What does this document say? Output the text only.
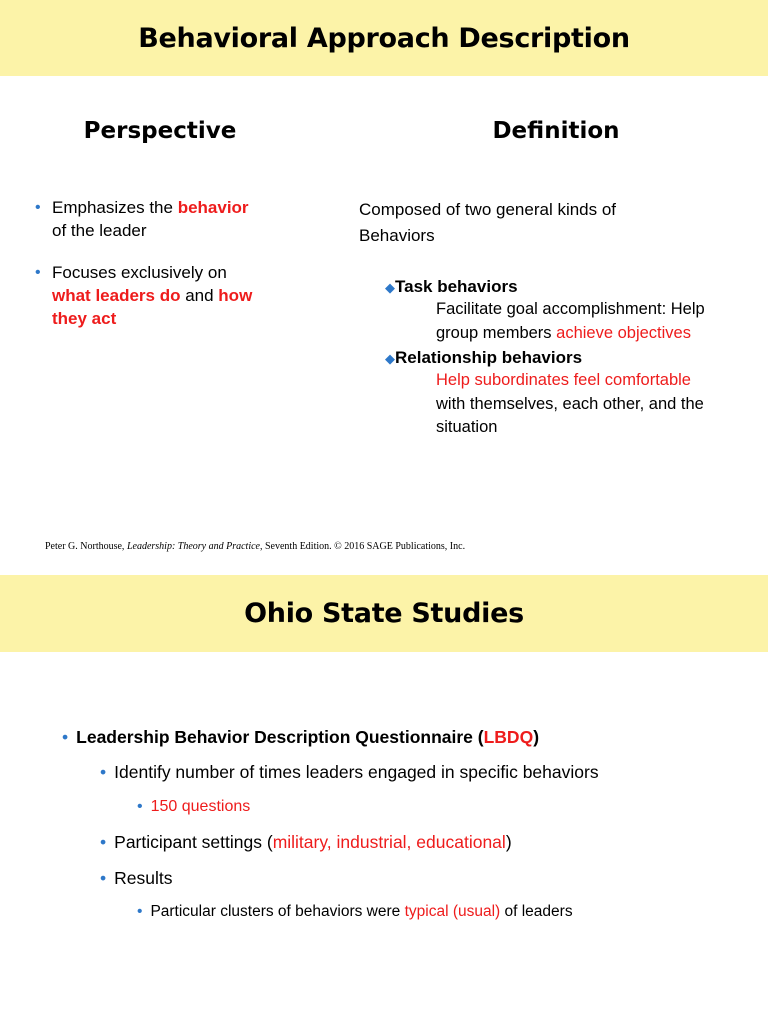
Behavioral Approach Description
Perspective	Definition
• Emphasizes the behavior
of the leader
• Focuses exclusively on
what leaders do and how
they act
Composed of two general kinds of
Behaviors
◆Task behaviors
Facilitate goal accomplishment: Help
group members achieve objectives
◆Relationship behaviors
Help subordinates feel comfortable
with themselves, each other, and the
situation
Peter G. Northouse, Leadership: Theory and Practice, Seventh Edition. © 2016 SAGE Publications, Inc.
Ohio State Studies
• Leadership Behavior Description Questionnaire (LBDQ)
• Identify number of times leaders engaged in specific behaviors
• 150 questions
• Participant settings (military, industrial, educational)
• Results
• Particular clusters of behaviors were typical (usual) of leaders
